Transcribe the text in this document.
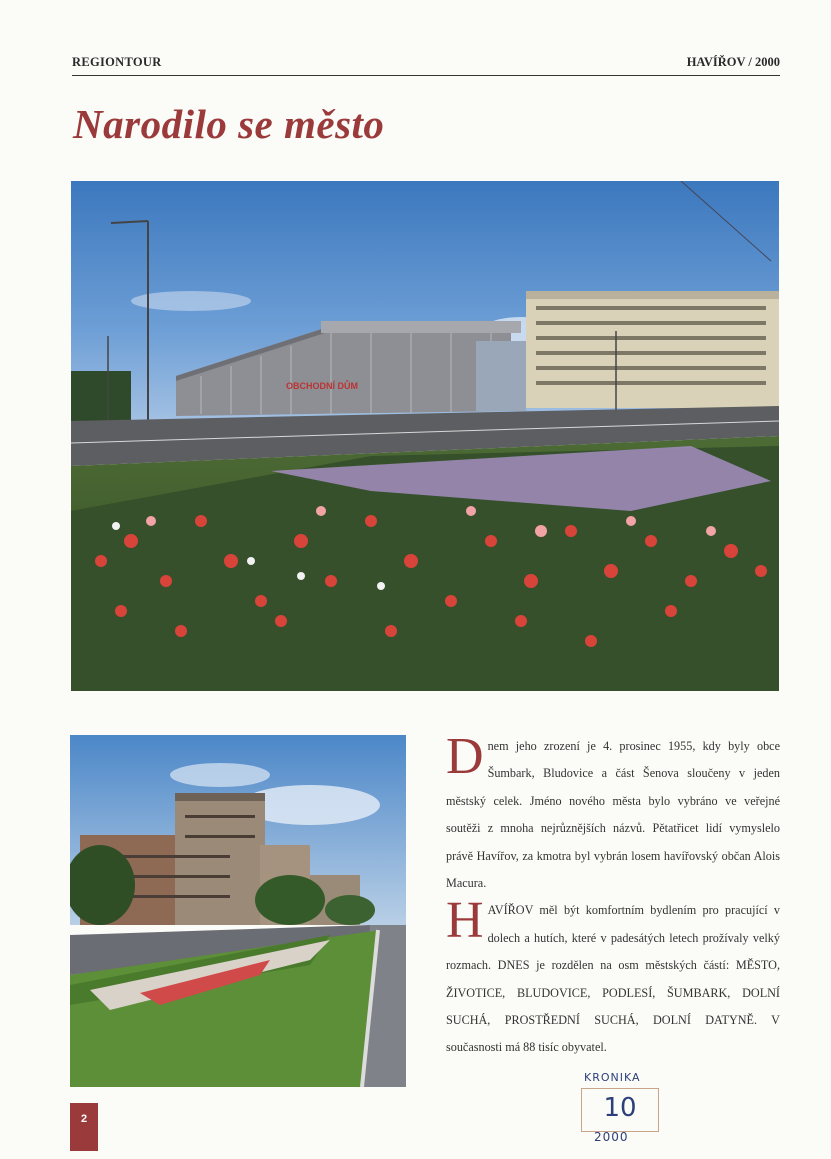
REGIONTOUR	HAVÍŘOV / 2000
Narodilo se město
OBCHODNÍ DŮM

Dnem jeho zrození je 4. prosinec 1955, kdy byly obce Šumbark, Bludovice a část Šenova sloučeny v jeden městský celek. Jméno nového města bylo vybráno ve veřejné soutěži z mnoha nejrůznějších názvů. Pětatřicet lidí vymyslelo právě Havířov, za kmotra byl vybrán losem havířovský občan Alois Macura.

HAVÍŘOV měl být komfortním bydlením pro pracující v dolech a hutích, které v padesátých letech prožívaly velký rozmach. DNES je rozdělen na osm městských částí: MĚSTO, ŽIVOTICE, BLUDOVICE, PODLESÍ, ŠUMBARK, DOLNÍ SUCHÁ, PROSTŘEDNÍ SUCHÁ, DOLNÍ DATYNĚ. V současnosti má 88 tisíc obyvatel.

2
KRONIKA
10
2000
